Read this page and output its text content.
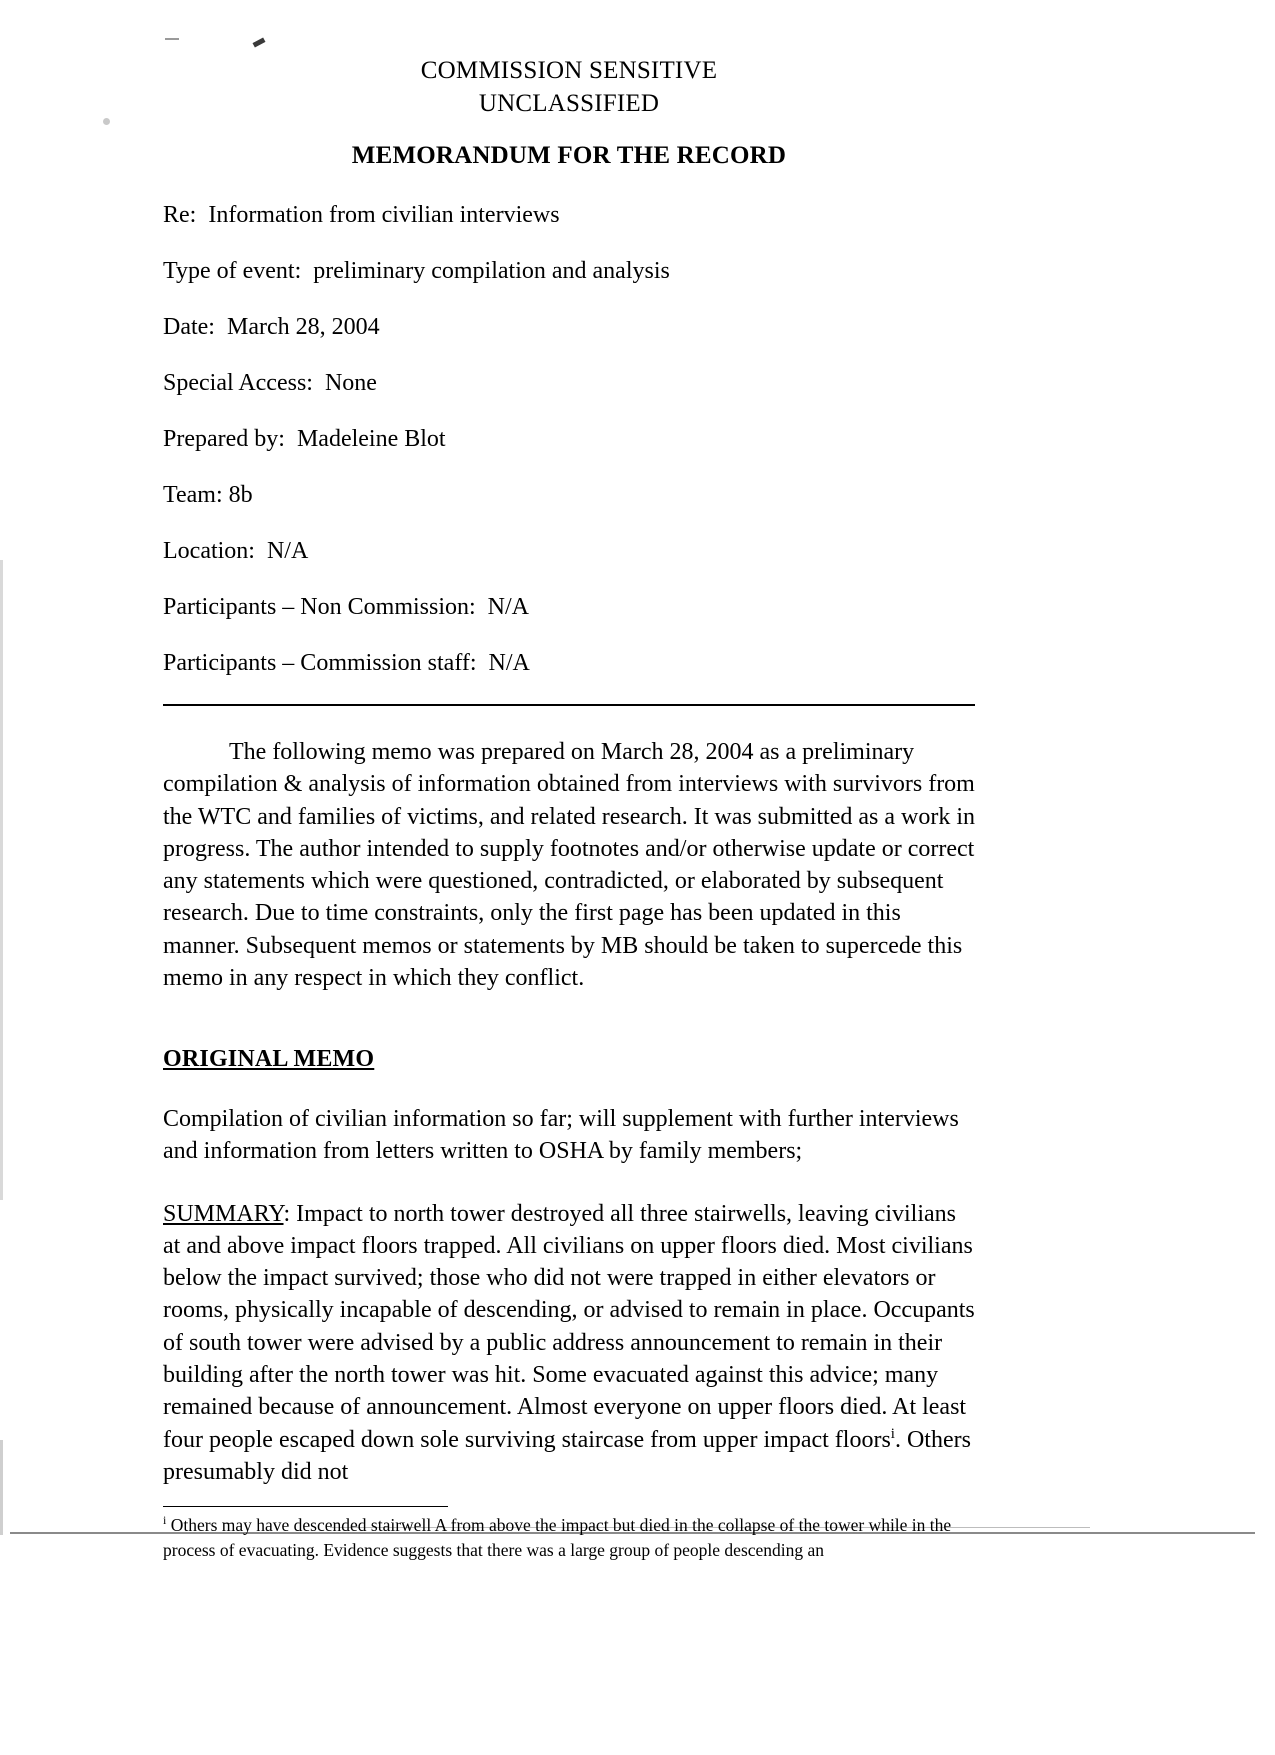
COMMISSION SENSITIVE
UNCLASSIFIED
MEMORANDUM FOR THE RECORD
Re:  Information from civilian interviews
Type of event:  preliminary compilation and analysis
Date:  March 28, 2004
Special Access:  None
Prepared by:  Madeleine Blot
Team: 8b
Location:  N/A
Participants – Non Commission:  N/A
Participants – Commission staff:  N/A
The following memo was prepared on March 28, 2004 as a preliminary compilation & analysis of information obtained from interviews with survivors from the WTC and families of victims, and related research. It was submitted as a work in progress. The author intended to supply footnotes and/or otherwise update or correct any statements which were questioned, contradicted, or elaborated by subsequent research. Due to time constraints, only the first page has been updated in this manner. Subsequent memos or statements by MB should be taken to supercede this memo in any respect in which they conflict.
ORIGINAL MEMO
Compilation of civilian information so far; will supplement with further interviews and information from letters written to OSHA by family members;
SUMMARY: Impact to north tower destroyed all three stairwells, leaving civilians at and above impact floors trapped. All civilians on upper floors died. Most civilians below the impact survived; those who did not were trapped in either elevators or rooms, physically incapable of descending, or advised to remain in place. Occupants of south tower were advised by a public address announcement to remain in their building after the north tower was hit. Some evacuated against this advice; many remained because of announcement. Almost everyone on upper floors died. At least four people escaped down sole surviving staircase from upper impact floors$^i$. Others presumably did not
$^i$ Others may have descended stairwell A from above the impact but died in the collapse of the tower while in the process of evacuating. Evidence suggests that there was a large group of people descending an
